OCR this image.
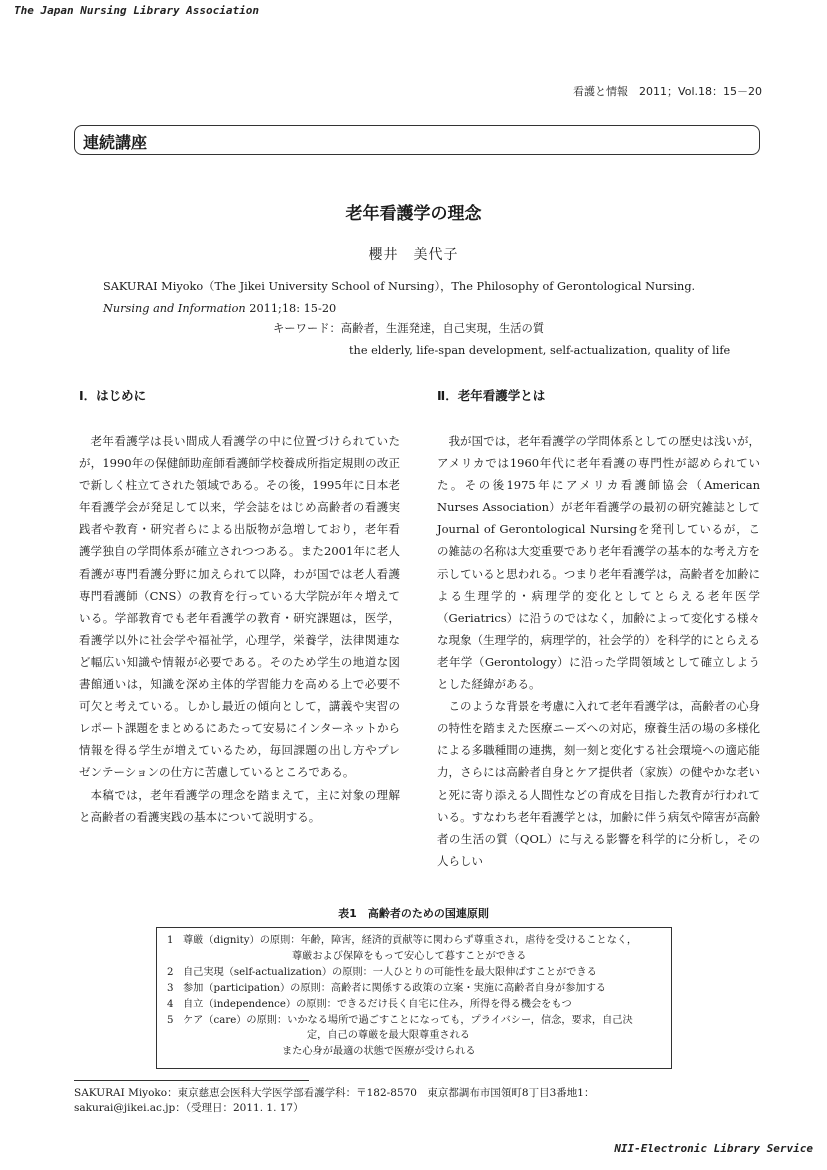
The Japan Nursing Library Association
看護と情報　2011；Vol.18：15－20
連続講座
老年看護学の理念
櫻井　美代子
SAKURAI Miyoko（The Jikei University School of Nursing），The Philosophy of Gerontological Nursing. Nursing and Information 2011;18: 15-20
キーワード：高齢者，生涯発達，自己実現，生活の質
the elderly, life-span development, self-actualization, quality of life
Ⅰ．はじめに	Ⅱ．老年看護学とは

老年看護学は長い間成人看護学の中に位置づけられていたが，1990年の保健師助産師看護師学校養成所指定規則の改正で新しく柱立てされた領域である。その後，1995年に日本老年看護学会が発足して以来，学会誌をはじめ高齢者の看護実践者や教育・研究者らによる出版物が急増しており，老年看護学独自の学問体系が確立されつつある。また2001年に老人看護が専門看護分野に加えられて以降，わが国では老人看護専門看護師（CNS）の教育を行っている大学院が年々増えている。学部教育でも老年看護学の教育・研究課題は，医学，看護学以外に社会学や福祉学，心理学，栄養学，法律関連など幅広い知識や情報が必要である。そのため学生の地道な図書館通いは，知識を深め主体的学習能力を高める上で必要不可欠と考えている。しかし最近の傾向として，講義や実習のレポート課題をまとめるにあたって安易にインターネットから情報を得る学生が増えているため，毎回課題の出し方やプレゼンテーションの仕方に苦慮しているところである。

本稿では，老年看護学の理念を踏まえて，主に対象の理解と高齢者の看護実践の基本について説明する。

我が国では，老年看護学の学問体系としての歴史は浅いが，アメリカでは1960年代に老年看護の専門性が認められていた。その後1975年にアメリカ看護師協会（American Nurses Association）が老年看護学の最初の研究雑誌としてJournal of Gerontological Nursingを発刊しているが，この雑誌の名称は大変重要であり老年看護学の基本的な考え方を示していると思われる。つまり老年看護学は，高齢者を加齢による生理学的・病理学的変化としてとらえる老年医学（Geriatrics）に沿うのではなく，加齢によって変化する様々な現象（生理学的，病理学的，社会学的）を科学的にとらえる老年学（Gerontology）に沿った学問領域として確立しようとした経緯がある。

このような背景を考慮に入れて老年看護学は，高齢者の心身の特性を踏まえた医療ニーズへの対応，療養生活の場の多様化による多職種間の連携，刻一刻と変化する社会環境への適応能力，さらには高齢者自身とケア提供者（家族）の健やかな老いと死に寄り添える人間性などの育成を目指した教育が行われている。すなわち老年看護学とは，加齢に伴う病気や障害が高齢者の生活の質（QOL）に与える影響を科学的に分析し，その人らしい

表1　高齢者のための国連原則
1 尊厳（dignity）の原則：年齢，障害，経済的貢献等に関わらず尊重され，虐待を受けることなく，
尊厳および保障をもって安心して暮すことができる
2 自己実現（self-actualization）の原則：一人ひとりの可能性を最大限伸ばすことができる
3 参加（participation）の原則：高齢者に関係する政策の立案・実施に高齢者自身が参加する
4 自立（independence）の原則：できるだけ長く自宅に住み，所得を得る機会をもつ
5 ケア（care）の原則：いかなる場所で過ごすことになっても，プライバシー，信念，要求，自己決
定，自己の尊厳を最大限尊重される
また心身が最適の状態で医療が受けられる
SAKURAI Miyoko：東京慈恵会医科大学医学部看護学科：〒182-8570　東京都調布市国領町8丁目3番地1：
sakurai@jikei.ac.jp：（受理日：2011. 1. 17）
NII-Electronic Library Service
